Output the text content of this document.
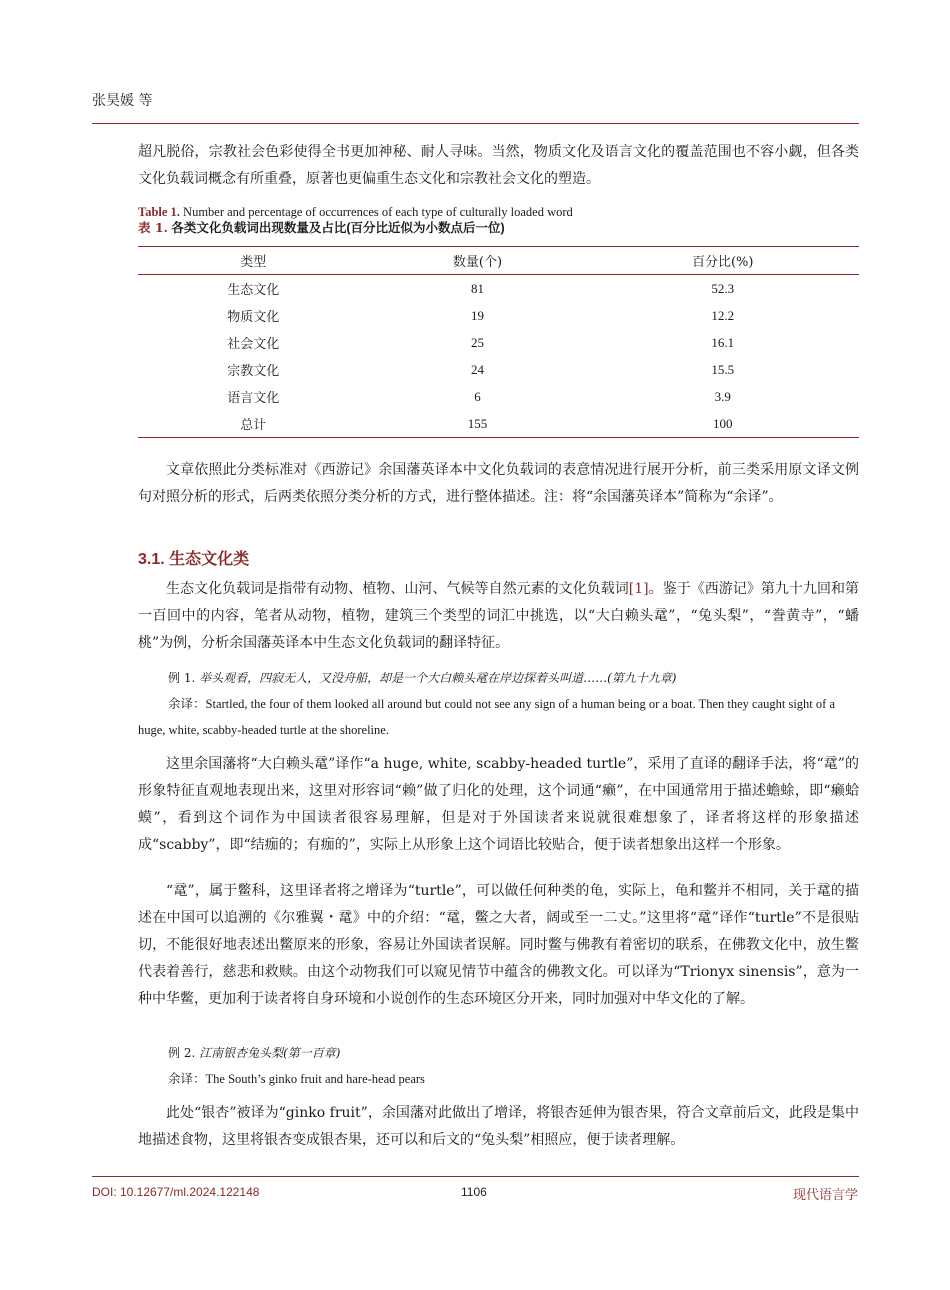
张昊媛 等

超凡脱俗，宗教社会色彩使得全书更加神秘、耐人寻味。当然，物质文化及语言文化的覆盖范围也不容小觑，但各类文化负载词概念有所重叠，原著也更偏重生态文化和宗教社会文化的塑造。

Table 1. Number and percentage of occurrences of each type of culturally loaded word
表 1. 各类文化负载词出现数量及占比(百分比近似为小数点后一位)
类型	数量(个)	百分比(%)
生态文化	81	52.3
物质文化	19	12.2
社会文化	25	16.1
宗教文化	24	15.5
语言文化	6	3.9
总计	155	100

文章依照此分类标准对《西游记》余国藩英译本中文化负载词的表意情况进行展开分析，前三类采用原文译文例句对照分析的形式，后两类依照分类分析的方式，进行整体描述。注：将“余国藩英译本”简称为“余译”。

3.1. 生态文化类

生态文化负载词是指带有动物、植物、山河、气候等自然元素的文化负载词[1]。鉴于《西游记》第九十九回和第一百回中的内容，笔者从动物，植物，建筑三个类型的词汇中挑选，以“大白赖头鼋”，“兔头梨”，“誊黄寺”，“蟠桃”为例，分析余国藩英译本中生态文化负载词的翻译特征。

例 1. 举头观看，四寂无人，又没舟船，却是一个大白赖头鼋在岸边探着头叫道……(第九十九章)
余译：Startled, the four of them looked all around but could not see any sign of a human being or a boat. Then they caught sight of a huge, white, scabby-headed turtle at the shoreline.

这里余国藩将“大白赖头鼋”译作“a huge, white, scabby-headed turtle”，采用了直译的翻译手法，将“鼋”的形象特征直观地表现出来，这里对形容词“赖”做了归化的处理，这个词通“癞”，在中国通常用于描述蟾蜍，即“癞蛤蟆”，看到这个词作为中国读者很容易理解，但是对于外国读者来说就很难想象了，译者将这样的形象描述成“scabby”，即“结痂的；有痂的”，实际上从形象上这个词语比较贴合，便于读者想象出这样一个形象。

“鼋”，属于鳖科，这里译者将之增译为“turtle”，可以做任何种类的龟，实际上，龟和鳖并不相同，关于鼋的描述在中国可以追溯的《尔雅翼・鼋》中的介绍：“鼋，鳖之大者，阔或至一二丈。”这里将“鼋”译作“turtle”不是很贴切，不能很好地表述出鳖原来的形象，容易让外国读者误解。同时鳖与佛教有着密切的联系，在佛教文化中，放生鳖代表着善行，慈悲和救赎。由这个动物我们可以窥见情节中蕴含的佛教文化。可以译为“Trionyx sinensis”，意为一种中华鳖，更加利于读者将自身环境和小说创作的生态环境区分开来，同时加强对中华文化的了解。

例 2. 江南银杏兔头梨(第一百章)
余译：The South’s ginko fruit and hare-head pears

此处“银杏”被译为“ginko fruit”，余国藩对此做出了增译，将银杏延伸为银杏果，符合文章前后文，此段是集中地描述食物，这里将银杏变成银杏果，还可以和后文的“兔头梨”相照应，便于读者理解。

DOI: 10.12677/ml.2024.122148	1106	现代语言学
